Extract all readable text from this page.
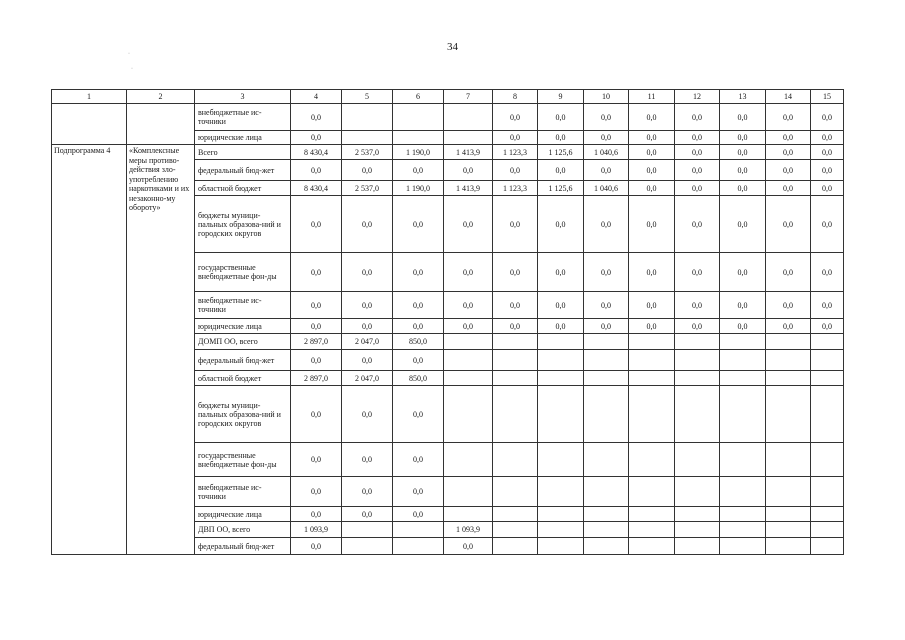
34
·
·
1	2	3	4	5	6	7	8	9	10	11	12	13	14	15
		внебюджетные ис-точники	0,0				0,0	0,0	0,0	0,0	0,0	0,0	0,0	0,0
		юридические лица	0,0				0,0	0,0	0,0	0,0	0,0	0,0	0,0	0,0
Подпрограмма 4	«Комплексные меры противо-действия зло-употреблению наркотиками и их незаконно-му обороту»	Всего	8 430,4	2 537,0	1 190,0	1 413,9	1 123,3	1 125,6	1 040,6	0,0	0,0	0,0	0,0	0,0
		федеральный бюд-жет	0,0	0,0	0,0	0,0	0,0	0,0	0,0	0,0	0,0	0,0	0,0	0,0
		областной бюджет	8 430,4	2 537,0	1 190,0	1 413,9	1 123,3	1 125,6	1 040,6	0,0	0,0	0,0	0,0	0,0
		бюджеты муници-пальных образова-ний и городских округов	0,0	0,0	0,0	0,0	0,0	0,0	0,0	0,0	0,0	0,0	0,0	0,0
		государственные внебюджетные фон-ды	0,0	0,0	0,0	0,0	0,0	0,0	0,0	0,0	0,0	0,0	0,0	0,0
		внебюджетные ис-точники	0,0	0,0	0,0	0,0	0,0	0,0	0,0	0,0	0,0	0,0	0,0	0,0
		юридические лица	0,0	0,0	0,0	0,0	0,0	0,0	0,0	0,0	0,0	0,0	0,0	0,0
		ДОМП ОО, всего	2 897,0	2 047,0	850,0									
		федеральный бюд-жет	0,0	0,0	0,0									
		областной бюджет	2 897,0	2 047,0	850,0									
		бюджеты муници-пальных образова-ний и городских округов	0,0	0,0	0,0									
		государственные внебюджетные фон-ды	0,0	0,0	0,0									
		внебюджетные ис-точники	0,0	0,0	0,0									
		юридические лица	0,0	0,0	0,0									
		ДВП ОО, всего	1 093,9			1 093,9								
		федеральный бюд-жет	0,0			0,0								
